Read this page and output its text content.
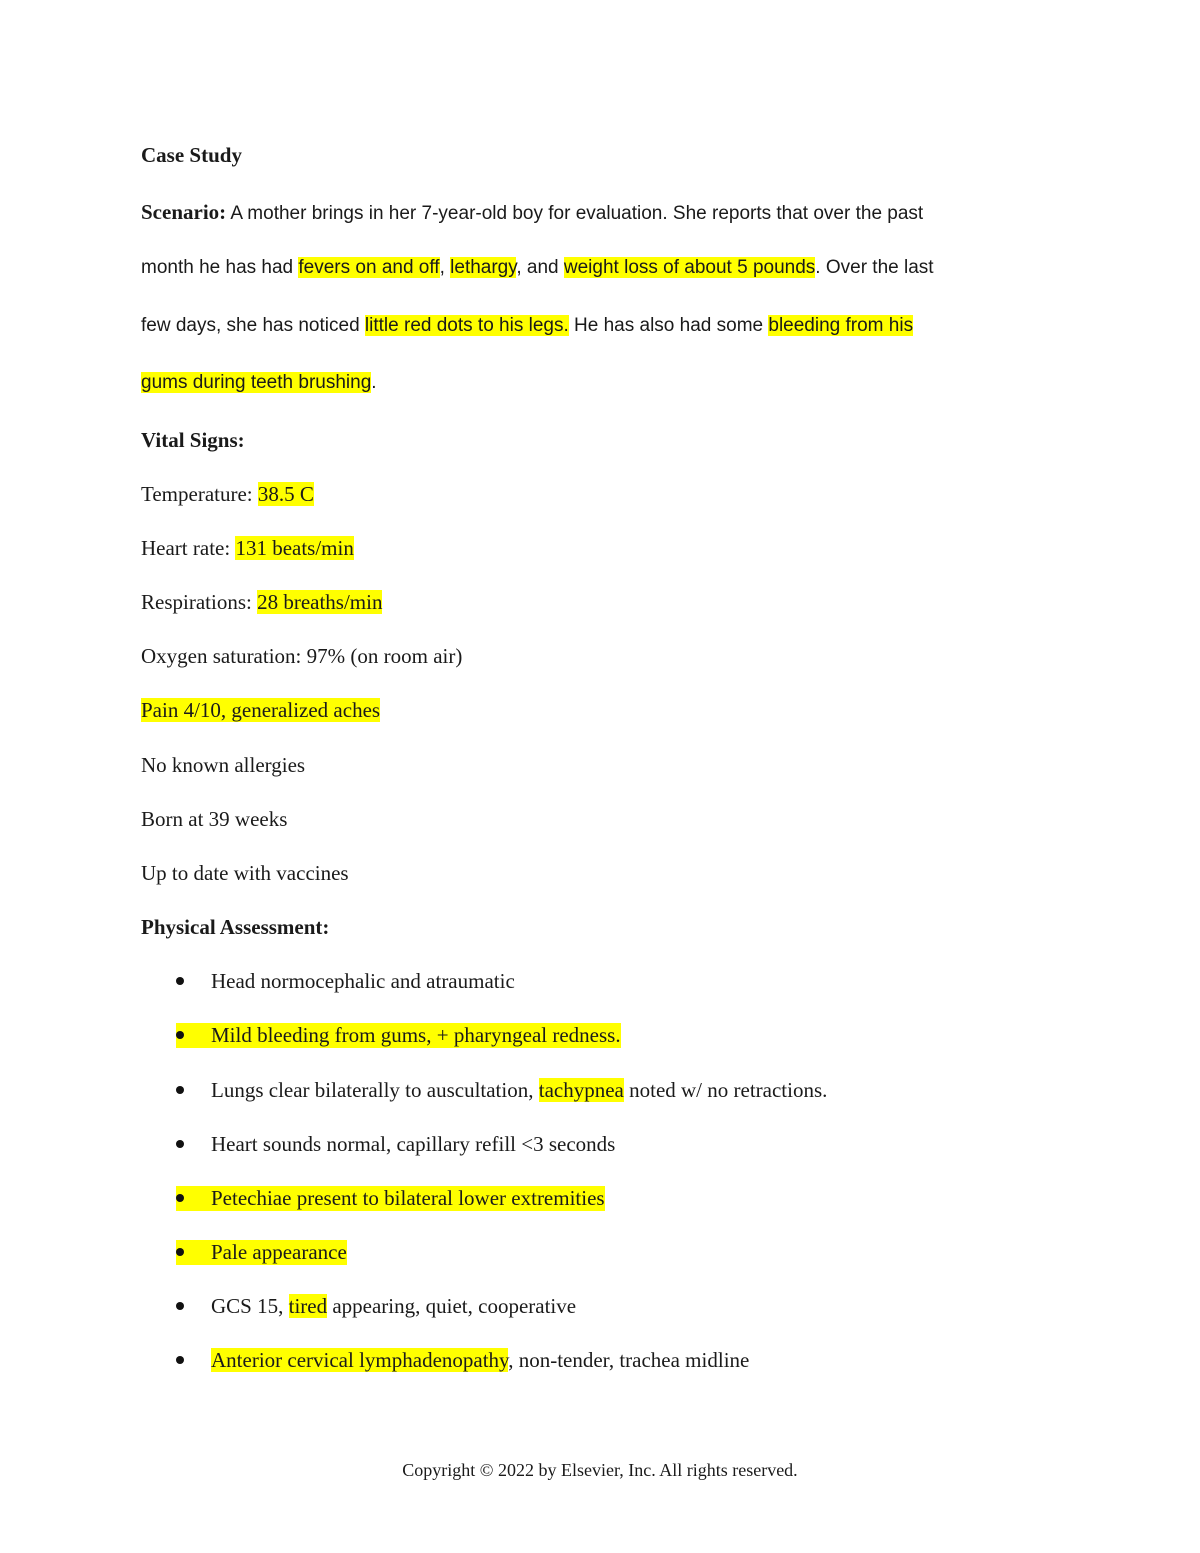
Case Study
Scenario: A mother brings in her 7-year-old boy for evaluation. She reports that over the past
month he has had fevers on and off, lethargy, and weight loss of about 5 pounds. Over the last
few days, she has noticed little red dots to his legs. He has also had some bleeding from his
gums during teeth brushing.
Vital Signs:
Temperature: 38.5 C
Heart rate: 131 beats/min
Respirations: 28 breaths/min
Oxygen saturation: 97% (on room air)
Pain 4/10, generalized aches
No known allergies
Born at 39 weeks
Up to date with vaccines
Physical Assessment:
Head normocephalic and atraumatic
Mild bleeding from gums, + pharyngeal redness.
Lungs clear bilaterally to auscultation, tachypnea noted w/ no retractions.
Heart sounds normal, capillary refill <3 seconds
Petechiae present to bilateral lower extremities
Pale appearance
GCS 15, tired appearing, quiet, cooperative
Anterior cervical lymphadenopathy, non-tender, trachea midline
Copyright © 2022 by Elsevier, Inc. All rights reserved.
